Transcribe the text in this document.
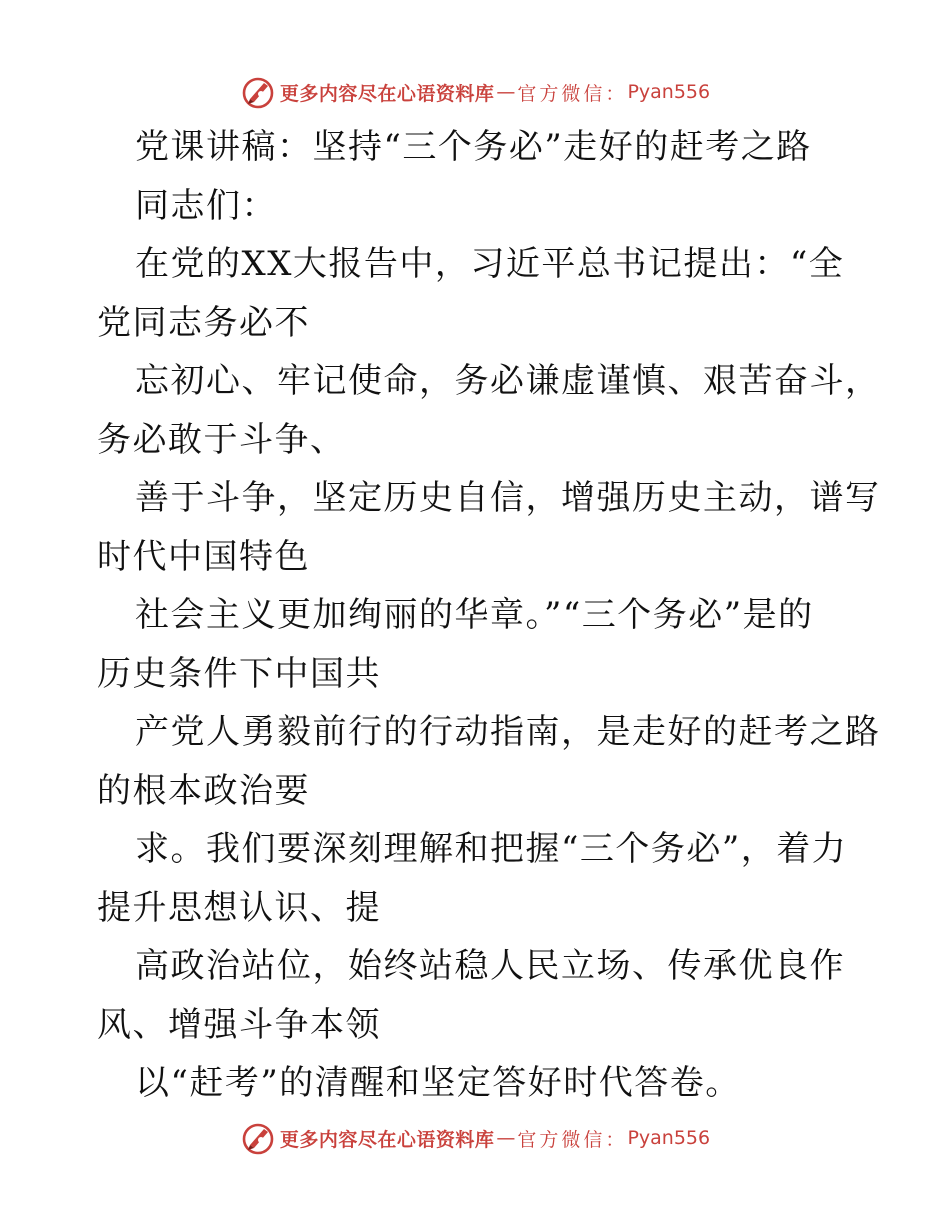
更多内容尽在心语资料库 — 官方微信： Pyan556
党课讲稿：坚持“三个务必”走好的赶考之路
同志们：
在党的XX大报告中，习近平总书记提出：“全
党同志务必不
忘初心、牢记使命，务必谦虚谨慎、艰苦奋斗，
务必敢于斗争、
善于斗争，坚定历史自信，增强历史主动，谱写
时代中国特色
社会主义更加绚丽的华章。”“三个务必”是的
历史条件下中国共
产党人勇毅前行的行动指南，是走好的赶考之路
的根本政治要
求。我们要深刻理解和把握“三个务必”，着力
提升思想认识、提
高政治站位，始终站稳人民立场、传承优良作
风、增强斗争本领
以“赶考”的清醒和坚定答好时代答卷。
更多内容尽在心语资料库 — 官方微信： Pyan556
